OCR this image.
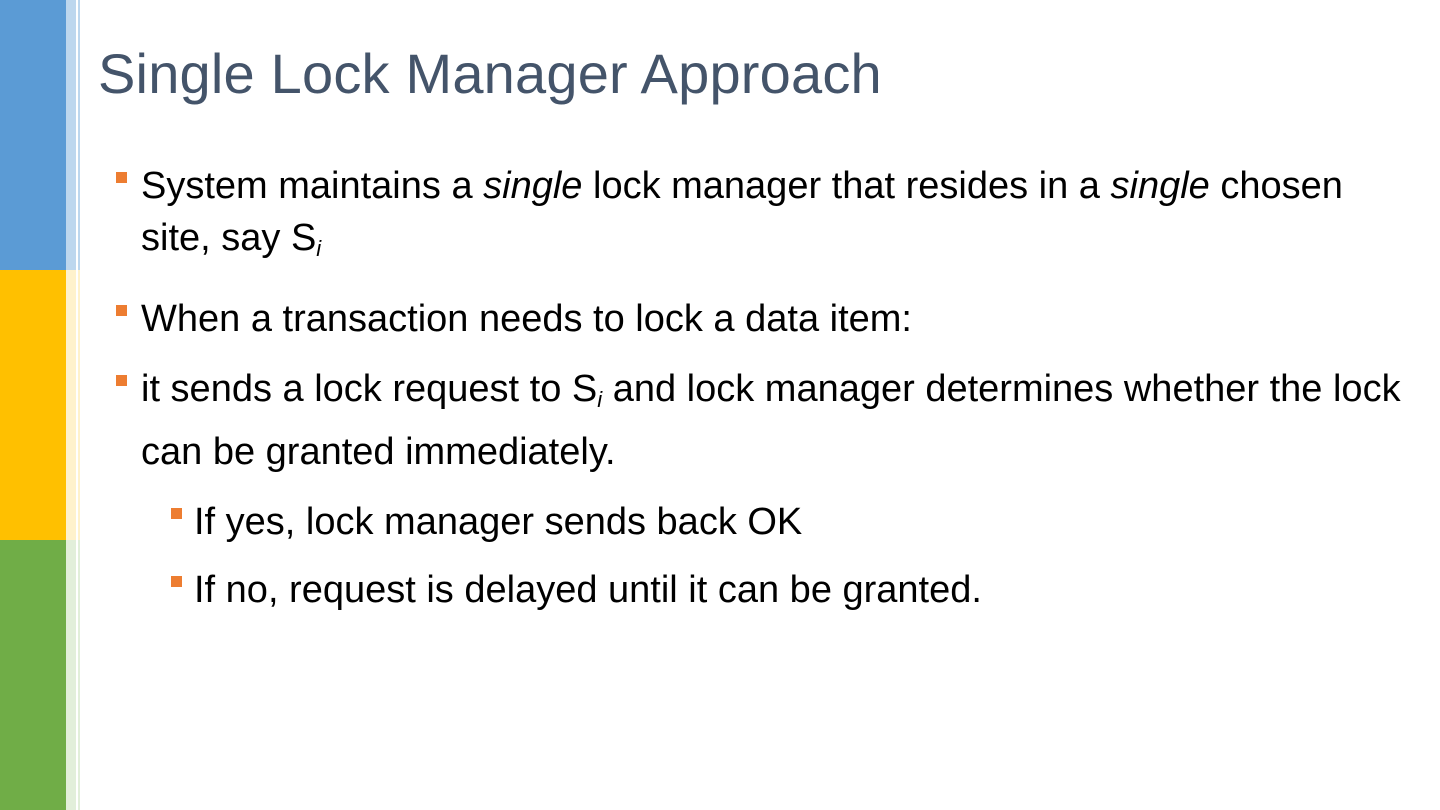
Single Lock Manager Approach
System maintains a single lock manager that resides in a single chosen site, say $S_i$
When a transaction needs to lock a data item:
it sends a lock request to $S_i$ and lock manager determines whether the lock can be granted immediately.
If yes, lock manager sends back OK
If no, request is delayed until it can be granted.
